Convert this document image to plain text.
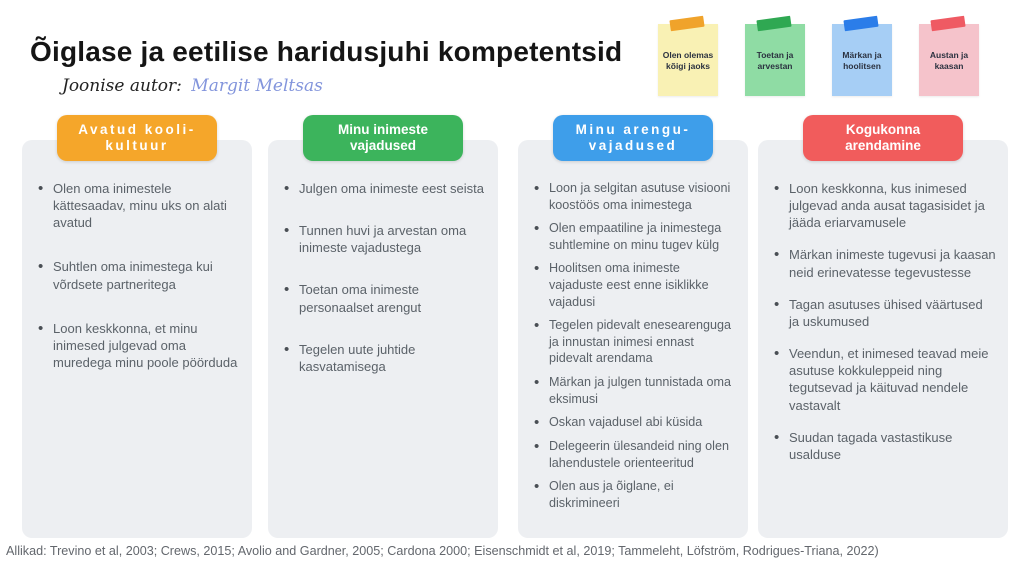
Õiglase ja eetilise haridusjuhi kompetentsid
Joonise autor: Margit Meltsas
Olen olemas kõigi jaoks
Toetan ja arvestan
Märkan ja hoolitsen
Austan ja kaasan
Avatud kooli-
kultuur
• Olen oma inimestele kättesaadav, minu uks on alati avatud
• Suhtlen oma inimestega kui võrdsete partneritega
• Loon keskkonna, et minu inimesed julgevad oma muredega minu poole pöörduda
Minu inimeste
vajadused
• Julgen oma inimeste eest seista
• Tunnen huvi ja arvestan oma inimeste vajadustega
• Toetan oma inimeste personaalset arengut
• Tegelen uute juhtide kasvatamisega
Minu arengu-
vajadused
• Loon ja selgitan asutuse visiooni koostöös oma inimestega
• Olen empaatiline ja inimestega suhtlemine on minu tugev külg
• Hoolitsen oma inimeste vajaduste eest enne isiklikke vajadusi
• Tegelen pidevalt enesearenguga ja innustan inimesi ennast pidevalt arendama
• Märkan ja julgen tunnistada oma eksimusi
• Oskan vajadusel abi küsida
• Delegeerin ülesandeid ning olen lahendustele orienteeritud
• Olen aus ja õiglane, ei diskrimineeri
Kogukonna
arendamine
• Loon keskkonna, kus inimesed julgevad anda ausat tagasisidet ja jääda eriarvamusele
• Märkan inimeste tugevusi ja kaasan neid erinevatesse tegevustesse
• Tagan asutuses ühised väärtused ja uskumused
• Veendun, et inimesed teavad meie asutuse kokkuleppeid ning tegutsevad ja käituvad nendele vastavalt
• Suudan tagada vastastikuse usalduse
Allikad: Trevino et al, 2003; Crews, 2015; Avolio and Gardner, 2005; Cardona 2000; Eisenschmidt et al, 2019; Tammeleht, Löfström, Rodrigues-Triana, 2022)
